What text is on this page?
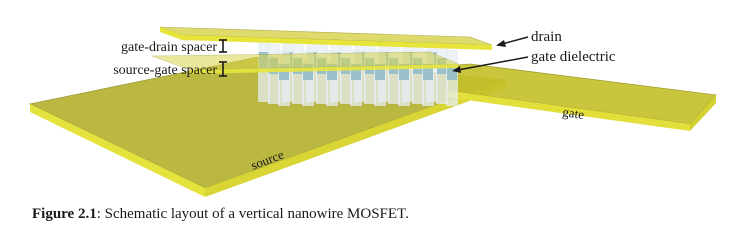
gate-drain spacer
source-gate spacer
drain
gate dielectric
gate
source
Figure 2.1: Schematic layout of a vertical nanowire MOSFET.
